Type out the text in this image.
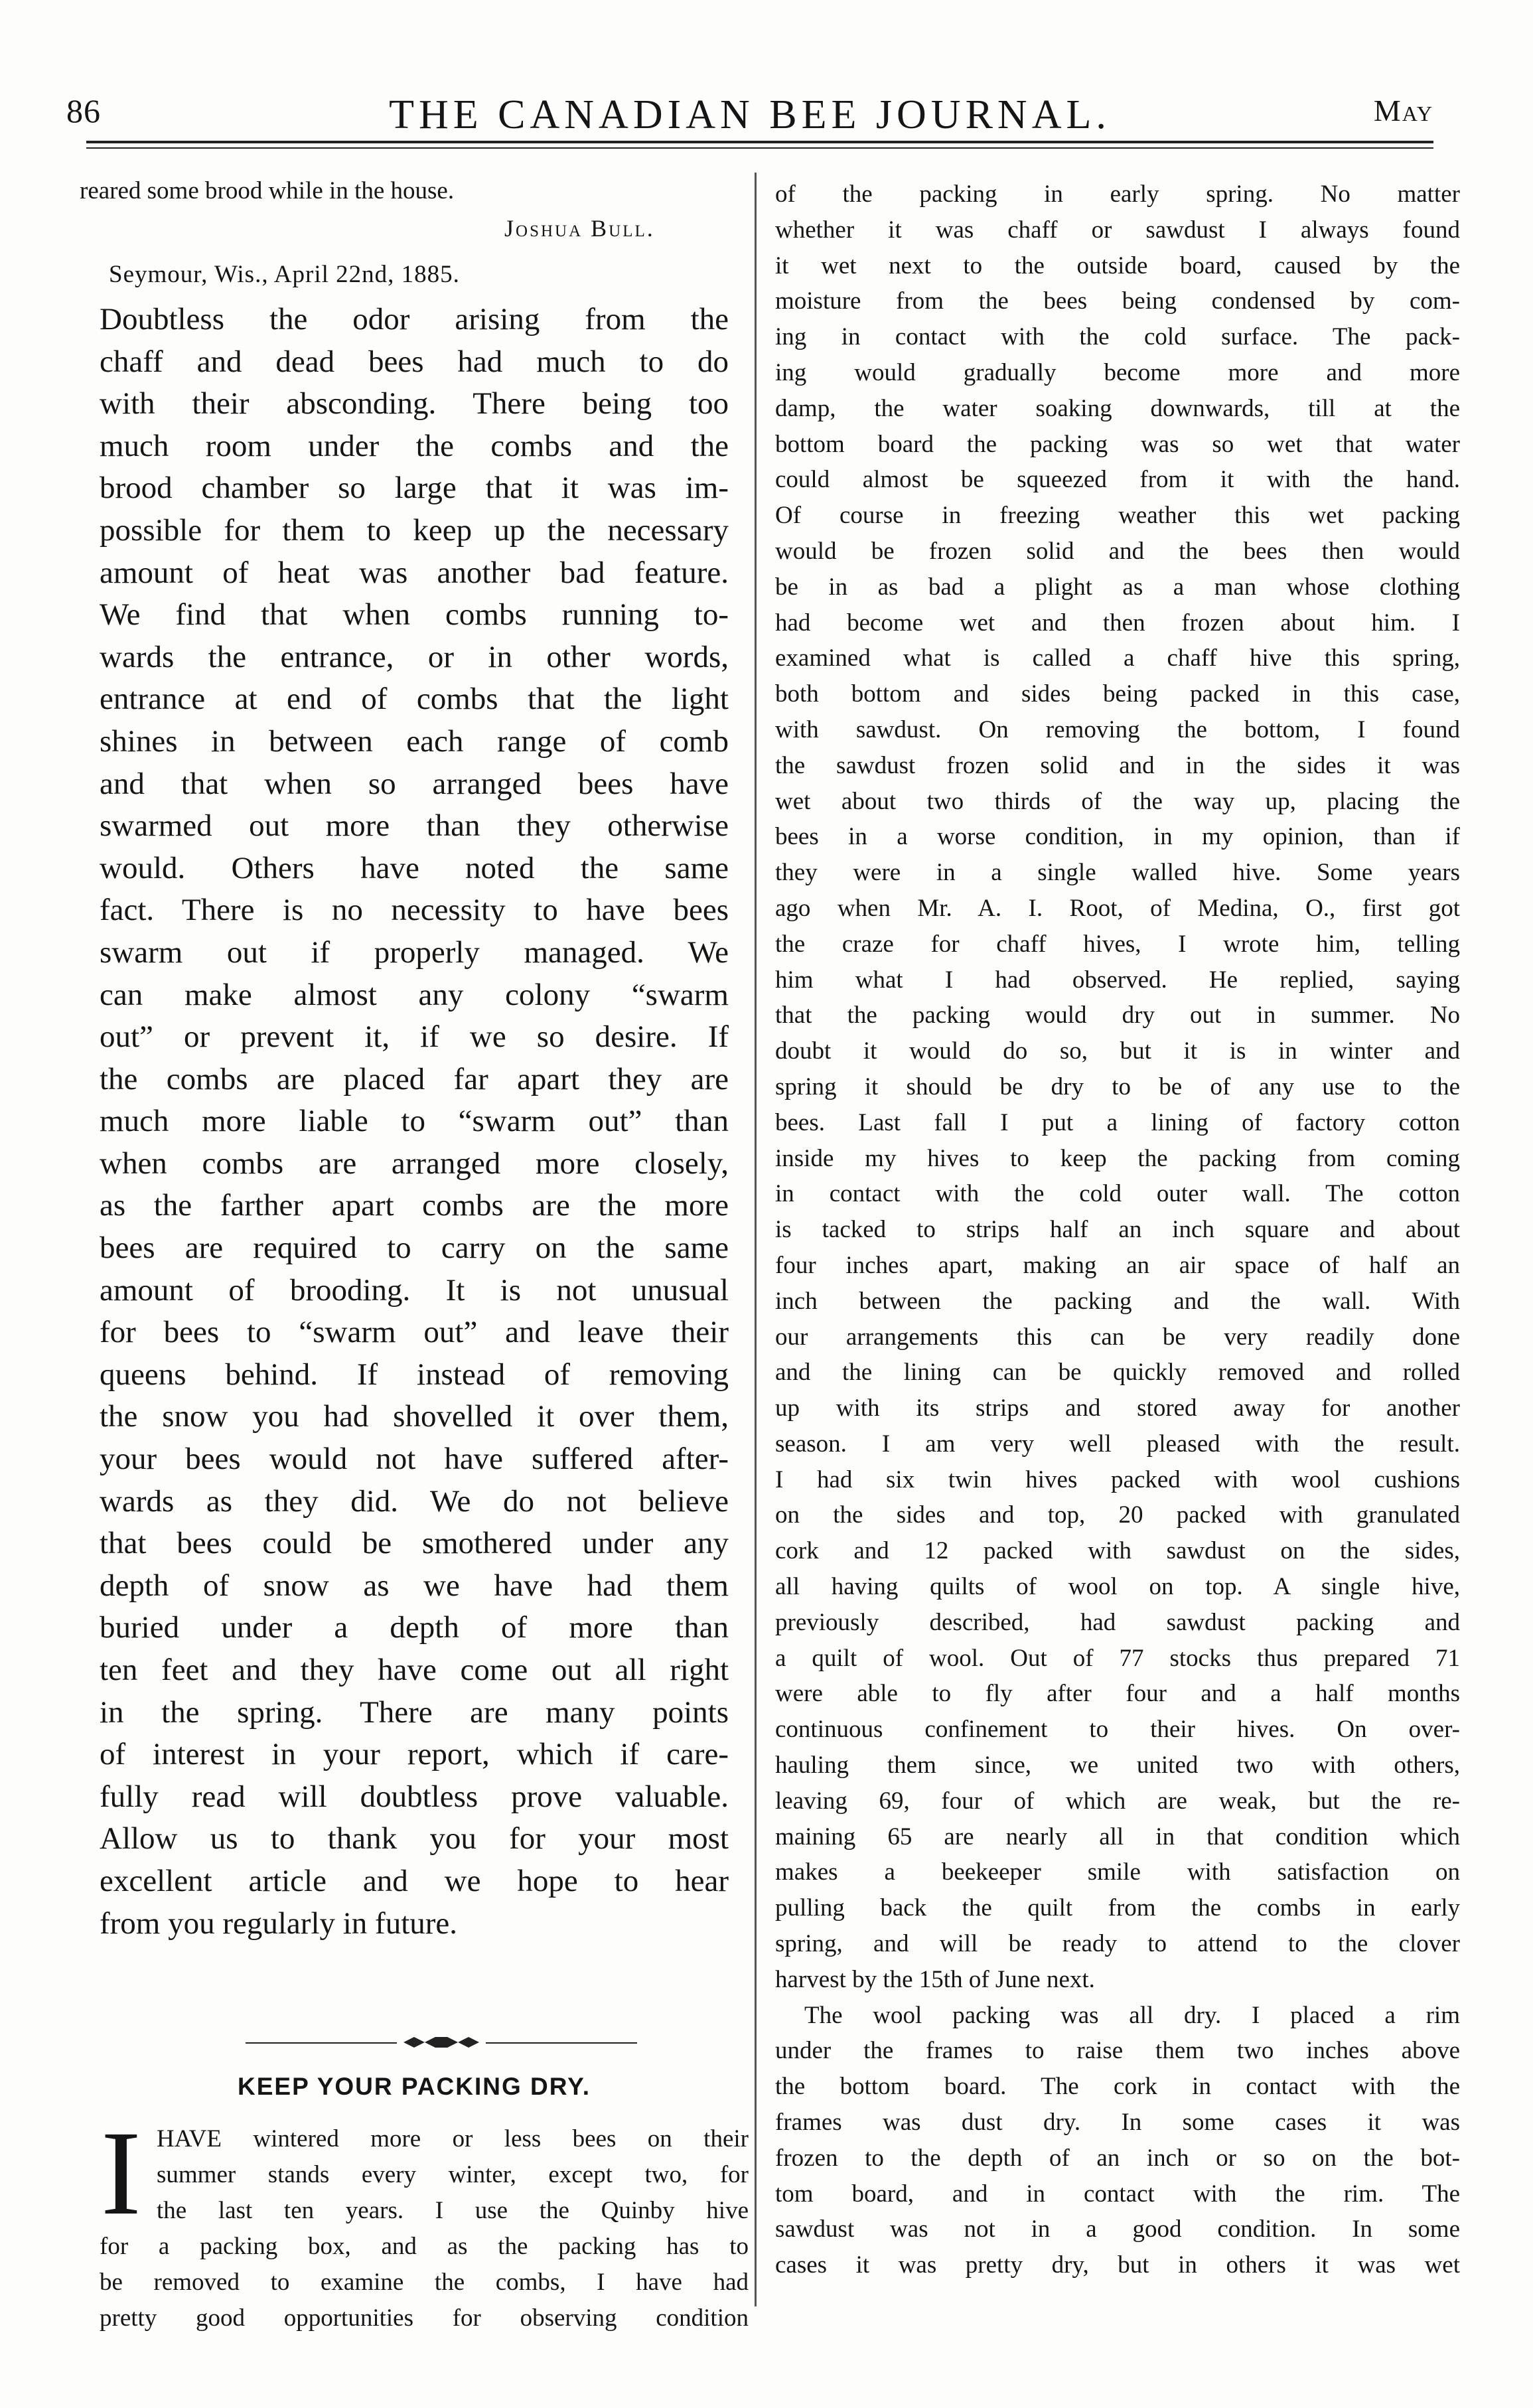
86	THE CANADIAN BEE JOURNAL.	May

reared some brood while in the house.

Joshua Bull.
Seymour, Wis., April 22nd, 1885.

Doubtless the odor arising from the

chaff and dead bees had much to do

with their absconding. There being too

much room under the combs and the

brood chamber so large that it was im-

possible for them to keep up the necessary

amount of heat was another bad feature.

We find that when combs running to-

wards the entrance, or in other words,

entrance at end of combs that the light

shines in between each range of comb

and that when so arranged bees have

swarmed out more than they otherwise

would. Others have noted the same

fact. There is no necessity to have bees

swarm out if properly managed. We

can make almost any colony “swarm

out” or prevent it, if we so desire. If

the combs are placed far apart they are

much more liable to “swarm out” than

when combs are arranged more closely,

as the farther apart combs are the more

bees are required to carry on the same

amount of brooding. It is not unusual

for bees to “swarm out” and leave their

queens behind. If instead of removing

the snow you had shovelled it over them,

your bees would not have suffered after-

wards as they did. We do not believe

that bees could be smothered under any

depth of snow as we have had them

buried under a depth of more than

ten feet and they have come out all right

in the spring. There are many points

of interest in your report, which if care-

fully read will doubtless prove valuable.

Allow us to thank you for your most

excellent article and we hope to hear

from you regularly in future.

KEEP YOUR PACKING DRY.
I HAVE wintered more or less bees on their

summer stands every winter, except two, for

the last ten years. I use the Quinby hive

for a packing box, and as the packing has to

be removed to examine the combs, I have had

pretty good opportunities for observing condition

of the packing in early spring. No matter

whether it was chaff or sawdust I always found

it wet next to the outside board, caused by the

moisture from the bees being condensed by com-

ing in contact with the cold surface. The pack-

ing would gradually become more and more

damp, the water soaking downwards, till at the

bottom board the packing was so wet that water

could almost be squeezed from it with the hand.

Of course in freezing weather this wet packing

would be frozen solid and the bees then would

be in as bad a plight as a man whose clothing

had become wet and then frozen about him. I

examined what is called a chaff hive this spring,

both bottom and sides being packed in this case,

with sawdust. On removing the bottom, I found

the sawdust frozen solid and in the sides it was

wet about two thirds of the way up, placing the

bees in a worse condition, in my opinion, than if

they were in a single walled hive. Some years

ago when Mr. A. I. Root, of Medina, O., first got

the craze for chaff hives, I wrote him, telling

him what I had observed. He replied, saying

that the packing would dry out in summer. No

doubt it would do so, but it is in winter and

spring it should be dry to be of any use to the

bees. Last fall I put a lining of factory cotton

inside my hives to keep the packing from coming

in contact with the cold outer wall. The cotton

is tacked to strips half an inch square and about

four inches apart, making an air space of half an

inch between the packing and the wall. With

our arrangements this can be very readily done

and the lining can be quickly removed and rolled

up with its strips and stored away for another

season. I am very well pleased with the result.

I had six twin hives packed with wool cushions

on the sides and top, 20 packed with granulated

cork and 12 packed with sawdust on the sides,

all having quilts of wool on top. A single hive,

previously described, had sawdust packing and

a quilt of wool. Out of 77 stocks thus prepared 71

were able to fly after four and a half months

continuous confinement to their hives. On over-

hauling them since, we united two with others,

leaving 69, four of which are weak, but the re-

maining 65 are nearly all in that condition which

makes a beekeeper smile with satisfaction on

pulling back the quilt from the combs in early

spring, and will be ready to attend to the clover

harvest by the 15th of June next.

The wool packing was all dry. I placed a rim

under the frames to raise them two inches above

the bottom board. The cork in contact with the

frames was dust dry. In some cases it was

frozen to the depth of an inch or so on the bot-

tom board, and in contact with the rim. The

sawdust was not in a good condition. In some

cases it was pretty dry, but in others it was wet
